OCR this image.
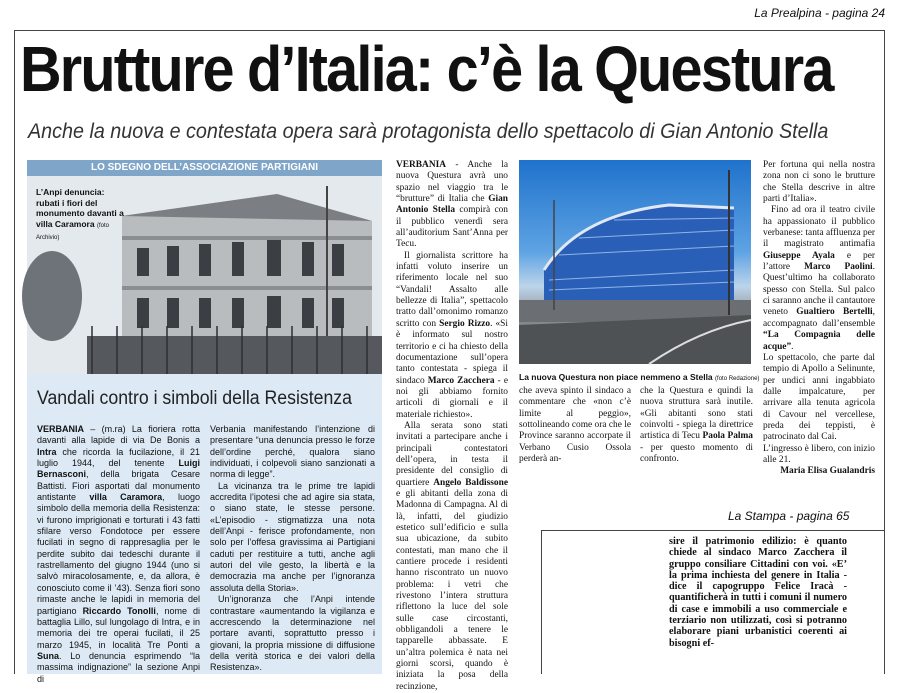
La Prealpina - pagina 24
Brutture d’Italia: c’è la Questura
Anche la nuova e contestata opera sarà protagonista dello spettacolo di Gian Antonio Stella
LO SDEGNO DELL’ASSOCIAZIONE PARTIGIANI
L’Anpi denuncia: rubati i fiori del monumento davanti a villa Caramora (foto Archivio)
Vandali contro i simboli della Resistenza

VERBANIA – (m.ra) La fioriera rotta davanti alla lapide di via De Bonis a Intra che ricorda la fucilazione, il 21 luglio 1944, del tenente Luigi Bernasconi, della brigata Cesare Battisti. Fiori asportati dal monumento antistante villa Caramora, luogo simbolo della memoria della Resistenza: vi furono imprigionati e torturati i 43 fatti sfilare verso Fondotoce per essere fucilati in segno di rappresaglia per le perdite subito dai tedeschi durante il rastrellamento del giugno 1944 (uno si salvò miracolosamente, e, da allora, è conosciuto come il ’43). Senza fiori sono rimaste anche le lapidi in memoria del partigiano Riccardo Tonolli, nome di battaglia Lillo, sul lungolago di Intra, e in memoria dei tre operai fucilati, il 25 marzo 1945, in località Tre Ponti a Suna. Lo denuncia esprimendo “la massima indignazione” la sezione Anpi di

Verbania manifestando l’intenzione di presentare “una denuncia presso le forze dell’ordine perché, qualora siano individuati, i colpevoli siano sanzionati a norma di legge”.

La vicinanza tra le prime tre lapidi accredita l’ipotesi che ad agire sia stata, o siano state, le stesse persone. «L’episodio - stigmatizza una nota dell’Anpi - ferisce profondamente, non solo per l’offesa gravissima ai Partigiani caduti per restituire a tutti, anche agli autori del vile gesto, la libertà e la democrazia ma anche per l’ignoranza assoluta della Storia».

Un’ignoranza che l’Anpi intende contrastare «aumentando la vigilanza e accrescendo la determinazione nel portare avanti, soprattutto presso i giovani, la propria missione di diffusione della verità storica e dei valori della Resistenza».

VERBANIA - Anche la nuova Questura avrà uno spazio nel viaggio tra le “brutture” di Italia che Gian Antonio Stella compirà con il pubblico venerdì sera all’auditorium Sant’Anna per Tecu.

Il giornalista scrittore ha infatti voluto inserire un riferimento locale nel suo “Vandali! Assalto alle bellezze di Italia”, spettacolo tratto dall’omonimo romanzo scritto con Sergio Rizzo. «Si è informato sul nostro territorio e ci ha chiesto della documentazione sull’opera tanto contestata - spiega il sindaco Marco Zacchera - e noi gli abbiamo fornito articoli di giornali e il materiale richiesto».

Alla serata sono stati invitati a partecipare anche i principali contestatori dell’opera, in testa il presidente del consiglio di quartiere Angelo Baldissone e gli abitanti della zona di Madonna di Campagna. Al di là, infatti, del giudizio estetico sull’edificio e sulla sua ubicazione, da subito contestati, man mano che il cantiere procede i residenti hanno riscontrato un nuovo problema: i vetri che rivestono l’intera struttura riflettono la luce del sole sulle case circostanti, obbligandoli a tenere le tapparelle abbassate. E un’altra polemica è nata nei giorni scorsi, quando è iniziata la posa della recinzione,

La nuova Questura non piace nemmeno a Stella (foto Redazione)

che aveva spinto il sindaco a commentare che «non c’è limite al peggio», sottolineando come ora che le Province saranno accorpate il Verbano Cusio Ossola perderà an-

che la Questura e quindi la nuova struttura sarà inutile. «Gli abitanti sono stati coinvolti - spiega la direttrice artistica di Tecu Paola Palma - per questo momento di confronto.

Per fortuna qui nella nostra zona non ci sono le brutture che Stella descrive in altre parti d’Italia».

Fino ad ora il teatro civile ha appassionato il pubblico verbanese: tanta affluenza per il magistrato antimafia Giuseppe Ayala e per l’attore Marco Paolini. Quest’ultimo ha collaborato spesso con Stella. Sul palco ci saranno anche il cantautore veneto Gualtiero Bertelli, accompagnato dall’ensemble “La Compagnia delle acque”.

Lo spettacolo, che parte dal tempio di Apollo a Selinunte, per undici anni ingabbiato dalle impalcature, per arrivare alla tenuta agricola di Cavour nel vercellese, preda dei teppisti, è patrocinato dal Cai.

L’ingresso è libero, con inizio alle 21.

Maria Elisa Gualandris

La Stampa - pagina 65
sire il patrimonio edilizio: è quanto chiede al sindaco Marco Zacchera il gruppo consiliare Cittadini con voi. «E’ la prima inchiesta del genere in Italia - dice il capogruppo Felice Iracà - quantificherà in tutti i comuni il numero di case e immobili a uso commerciale e terziario non utilizzati, così si potranno elaborare piani urbanistici coerenti ai bisogni ef-
